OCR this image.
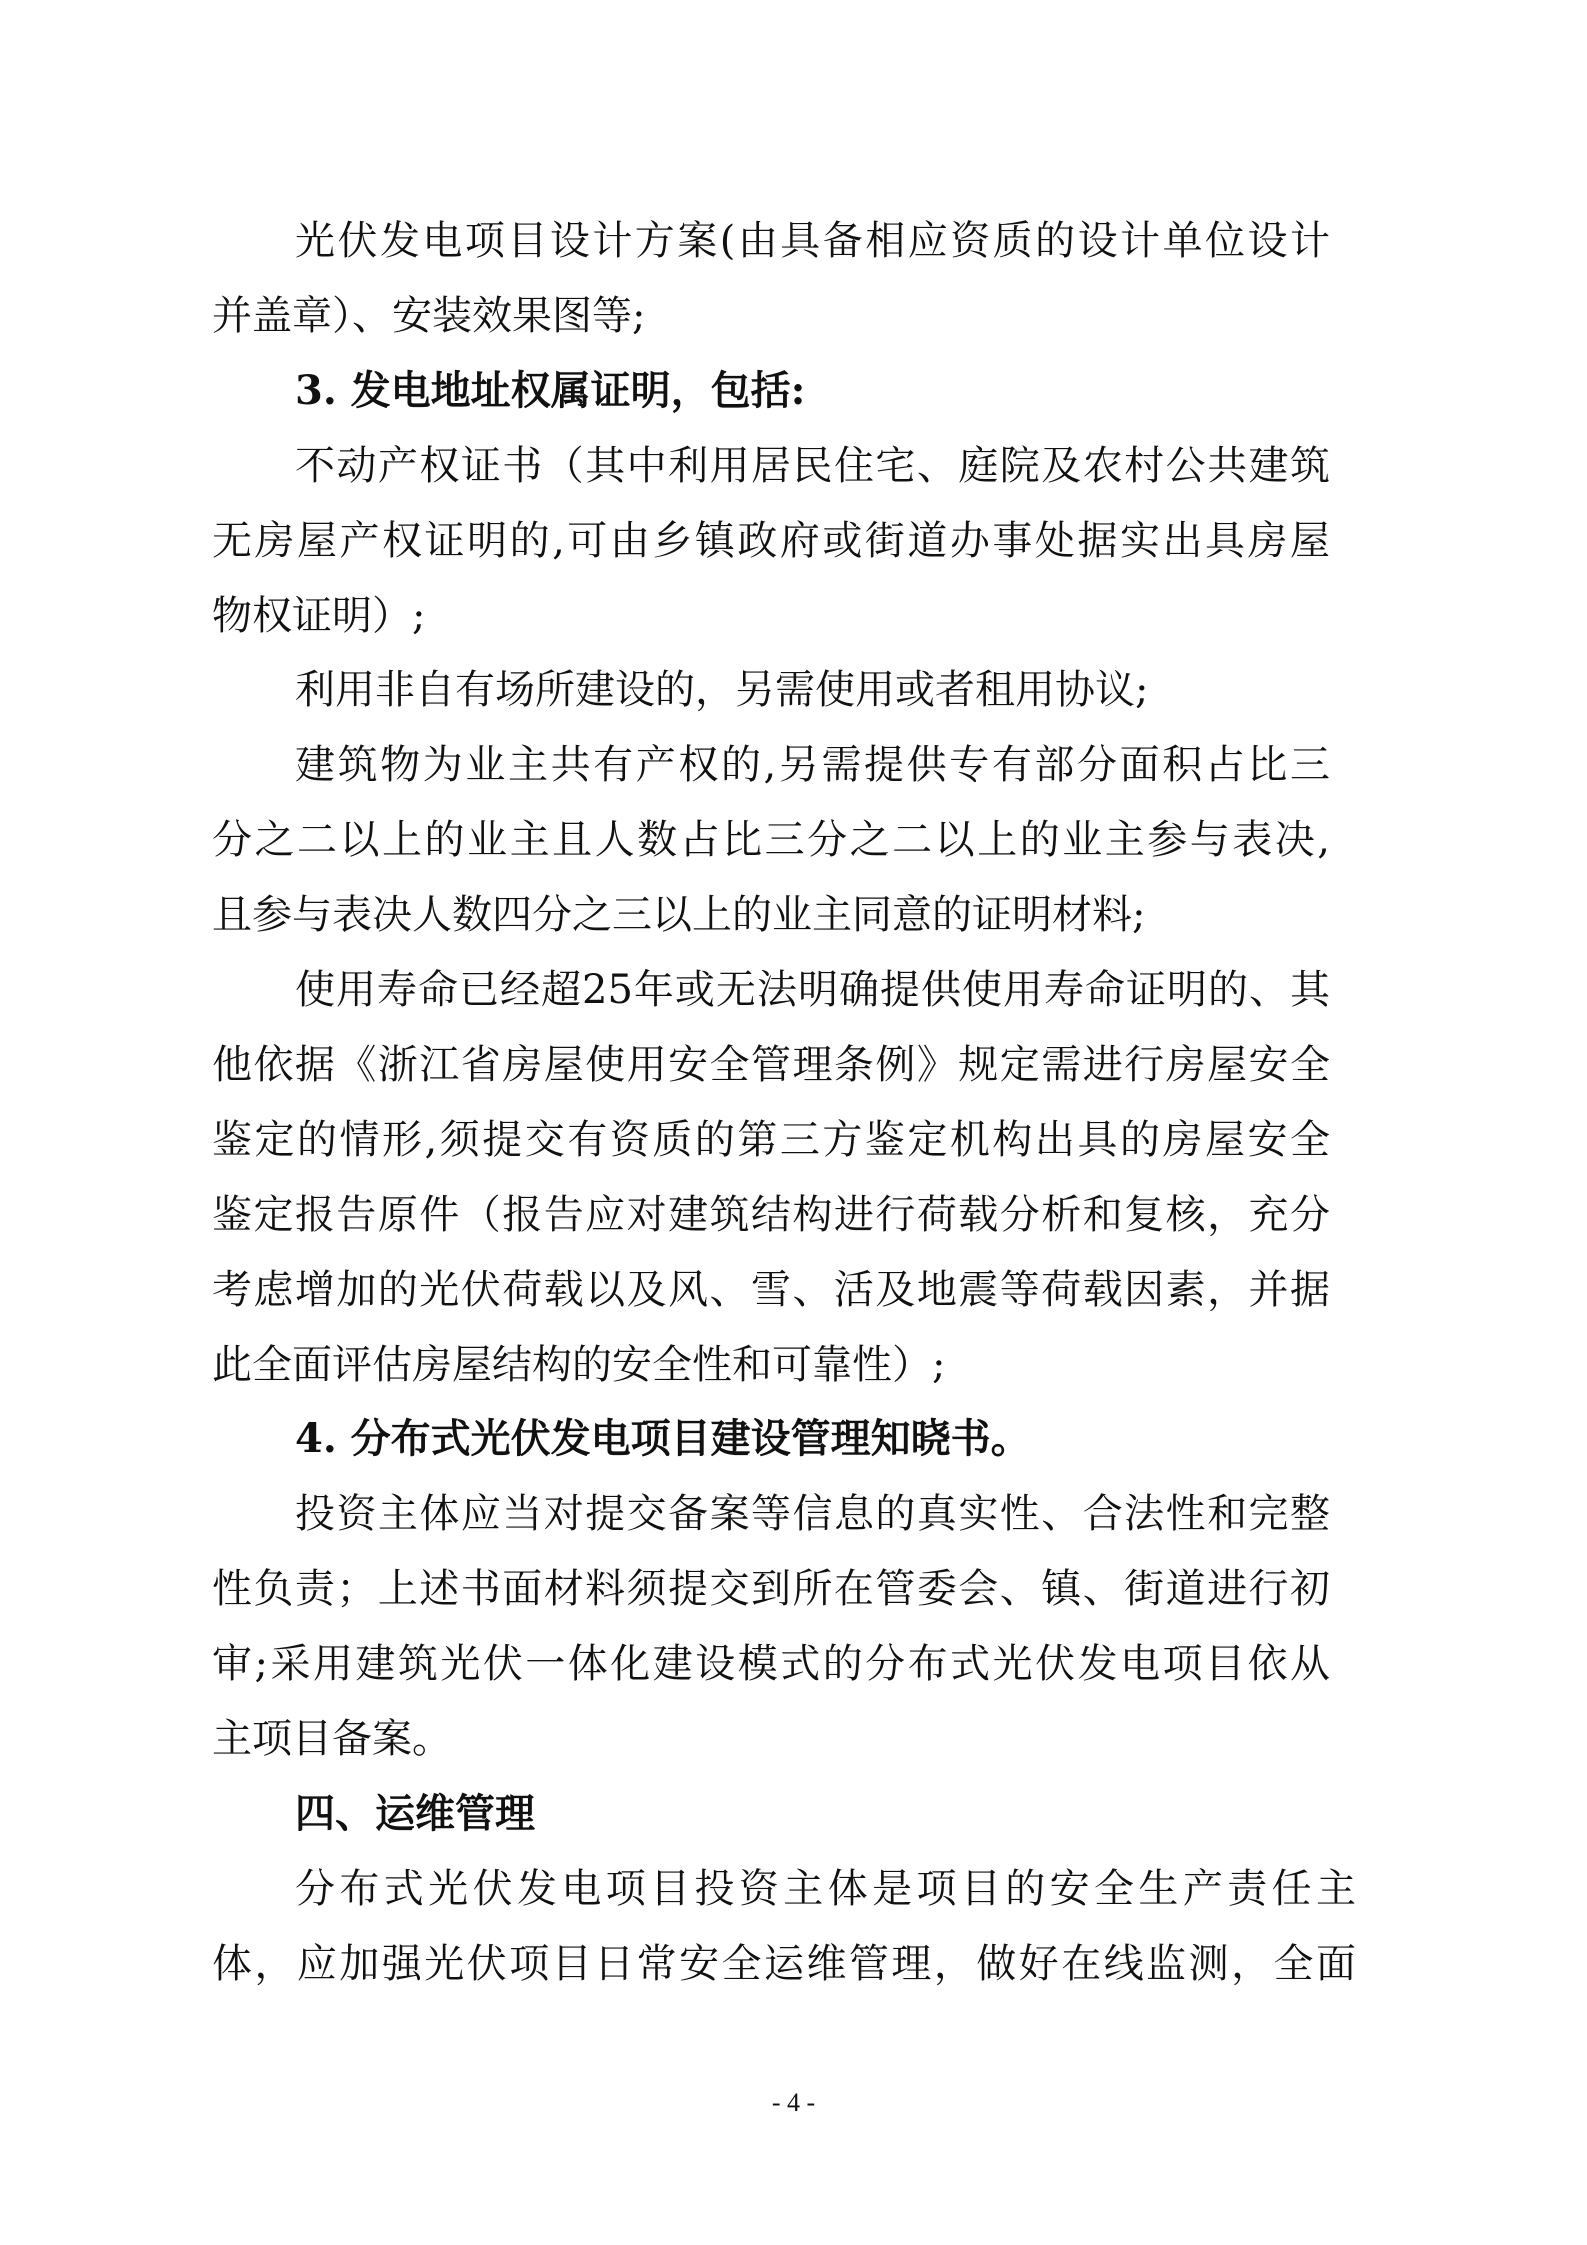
光伏发电项目设计方案(由具备相应资质的设计单位设计
并盖章）、安装效果图等;
3. 发电地址权属证明，包括:
不动产权证书（其中利用居民住宅、庭院及农村公共建筑
无房屋产权证明的,可由乡镇政府或街道办事处据实出具房屋
物权证明）;
利用非自有场所建设的，另需使用或者租用协议;
建筑物为业主共有产权的,另需提供专有部分面积占比三
分之二以上的业主且人数占比三分之二以上的业主参与表决,
且参与表决人数四分之三以上的业主同意的证明材料;
使用寿命已经超25年或无法明确提供使用寿命证明的、其
他依据《浙江省房屋使用安全管理条例》规定需进行房屋安全
鉴定的情形,须提交有资质的第三方鉴定机构出具的房屋安全
鉴定报告原件（报告应对建筑结构进行荷载分析和复核，充分
考虑增加的光伏荷载以及风、雪、活及地震等荷载因素，并据
此全面评估房屋结构的安全性和可靠性）;
4. 分布式光伏发电项目建设管理知晓书。
投资主体应当对提交备案等信息的真实性、合法性和完整
性负责；上述书面材料须提交到所在管委会、镇、街道进行初
审;采用建筑光伏一体化建设模式的分布式光伏发电项目依从
主项目备案。
四、运维管理
分布式光伏发电项目投资主体是项目的安全生产责任主
体，应加强光伏项目日常安全运维管理，做好在线监测，全面
- 4 -
